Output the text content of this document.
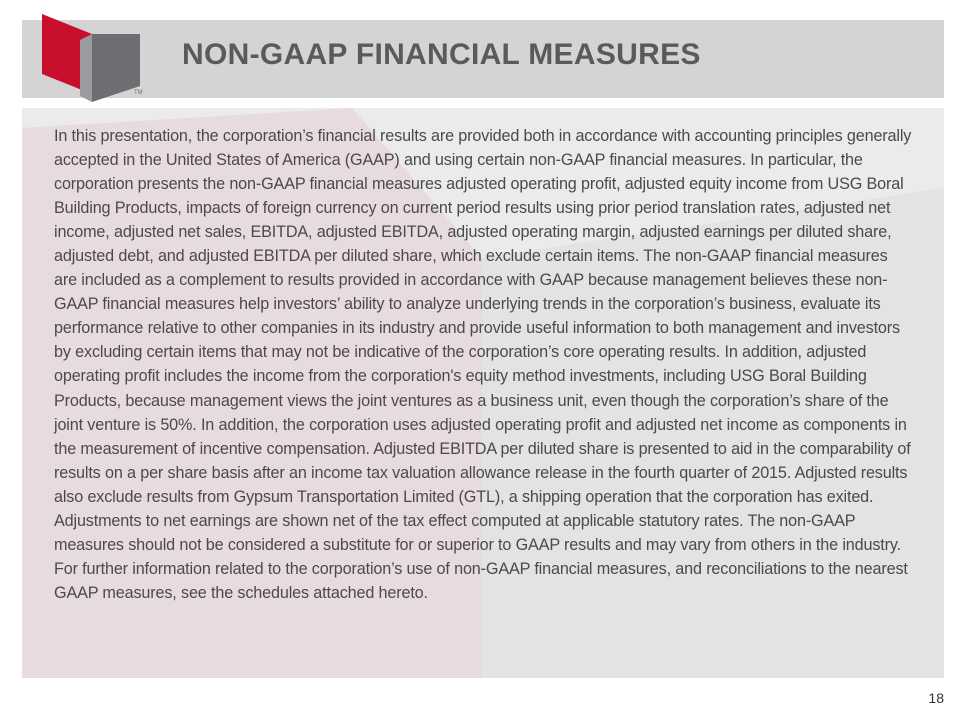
TM
NON-GAAP FINANCIAL MEASURES

In this presentation, the corporation’s financial results are provided both in accordance with accounting principles generally accepted in the United States of America (GAAP) and using certain non-GAAP financial measures. In particular, the corporation presents the non-GAAP financial measures adjusted operating profit, adjusted equity income from USG Boral Building Products, impacts of foreign currency on current period results using prior period translation rates, adjusted net income, adjusted net sales, EBITDA, adjusted EBITDA, adjusted operating margin, adjusted earnings per diluted share, adjusted debt, and adjusted EBITDA per diluted share, which exclude certain items. The non-GAAP financial measures are included as a complement to results provided in accordance with GAAP because management believes these non-GAAP financial measures help investors’ ability to analyze underlying trends in the corporation’s business, evaluate its performance relative to other companies in its industry and provide useful information to both management and investors by excluding certain items that may not be indicative of the corporation’s core operating results. In addition, adjusted operating profit includes the income from the corporation's equity method investments, including USG Boral Building Products, because management views the joint ventures as a business unit, even though the corporation’s share of the joint venture is 50%. In addition, the corporation uses adjusted operating profit and adjusted net income as components in the measurement of incentive compensation. Adjusted EBITDA per diluted share is presented to aid in the comparability of results on a per share basis after an income tax valuation allowance release in the fourth quarter of 2015. Adjusted results also exclude results from Gypsum Transportation Limited (GTL), a shipping operation that the corporation has exited. Adjustments to net earnings are shown net of the tax effect computed at applicable statutory rates. The non-GAAP measures should not be considered a substitute for or superior to GAAP results and may vary from others in the industry. For further information related to the corporation’s use of non-GAAP financial measures, and reconciliations to the nearest GAAP measures, see the schedules attached hereto.

18
